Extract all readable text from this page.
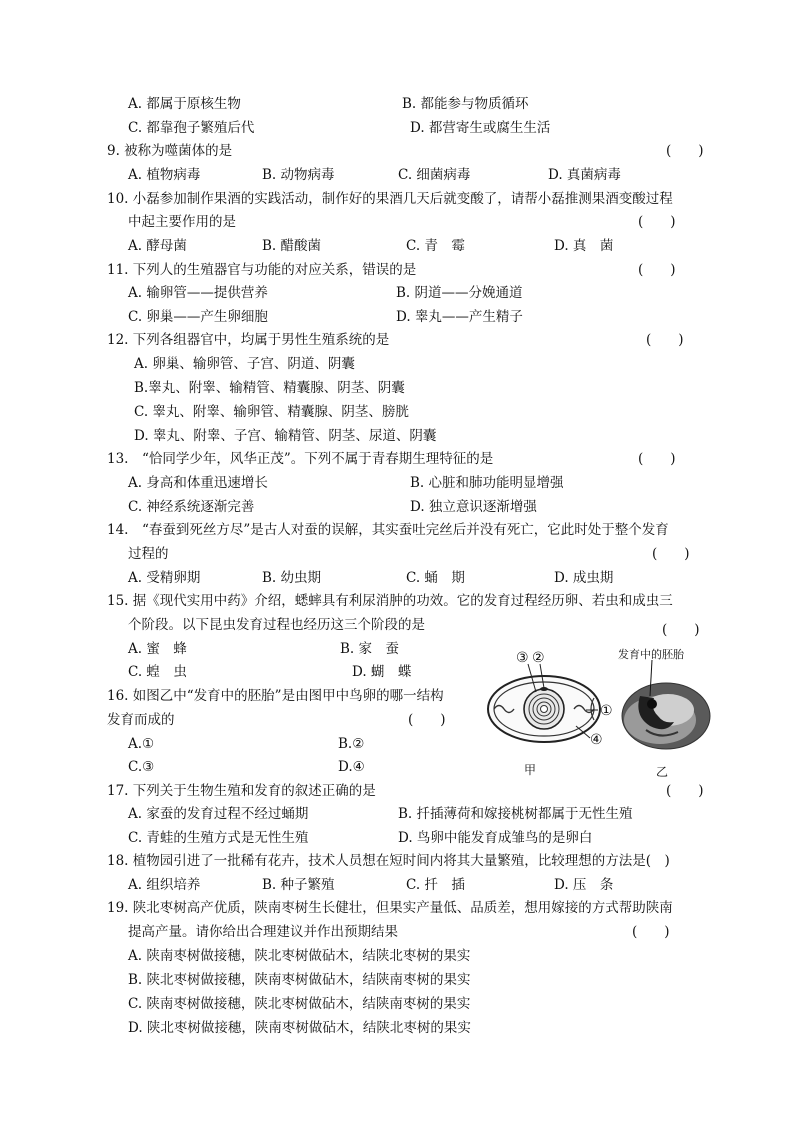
A. 都属于原核生物	B. 都能参与物质循环
C. 都靠孢子繁殖后代	D. 都营寄生或腐生生活
9. 被称为噬菌体的是	(　　)
A. 植物病毒	B. 动物病毒	C. 细菌病毒	D. 真菌病毒
10. 小磊参加制作果酒的实践活动，制作好的果酒几天后就变酸了，请帮小磊推测果酒变酸过程
中起主要作用的是	(　　)
A. 酵母菌	B. 醋酸菌	C. 青　霉	D. 真　菌
11. 下列人的生殖器官与功能的对应关系，错误的是	(　　)
A. 输卵管——提供营养	B. 阴道——分娩通道
C. 卵巢——产生卵细胞	D. 睾丸——产生精子
12. 下列各组器官中，均属于男性生殖系统的是	(　　)
A. 卵巢、输卵管、子宫、阴道、阴囊
B.睾丸、附睾、输精管、精囊腺、阴茎、阴囊
C. 睾丸、附睾、输卵管、精囊腺、阴茎、膀胱
D. 睾丸、附睾、子宫、输精管、阴茎、尿道、阴囊
13.　“恰同学少年，风华正茂”。下列不属于青春期生理特征的是	(　　)
A. 身高和体重迅速增长	B. 心脏和肺功能明显增强
C. 神经系统逐渐完善	D. 独立意识逐渐增强
14.　“春蚕到死丝方尽”是古人对蚕的误解，其实蚕吐完丝后并没有死亡，它此时处于整个发育
过程的	(　　)
A. 受精卵期	B. 幼虫期	C. 蛹　期	D. 成虫期
15. 据《现代实用中药》介绍，蟋蟀具有利尿消肿的功效。它的发育过程经历卵、若虫和成虫三
个阶段。以下昆虫发育过程也经历这三个阶段的是	(　　)
A. 蜜　蜂	B. 家　蚕
C. 蝗　虫	D. 蝴　蝶
16. 如图乙中“发育中的胚胎”是由图甲中鸟卵的哪一结构
发育而成的	(　　)
A.①	B.②
C.③	D.④
③ ②
①
④
甲
发育中的胚胎
乙
17. 下列关于生物生殖和发育的叙述正确的是	(　　)
A. 家蚕的发育过程不经过蛹期	B. 扦插薄荷和嫁接桃树都属于无性生殖
C. 青蛙的生殖方式是无性生殖	D. 鸟卵中能发育成雏鸟的是卵白
18. 植物园引进了一批稀有花卉，技术人员想在短时间内将其大量繁殖，比较理想的方法是(　)
A. 组织培养	B. 种子繁殖	C. 扦　插	D. 压　条
19. 陕北枣树高产优质，陕南枣树生长健壮，但果实产量低、品质差，想用嫁接的方式帮助陕南
提高产量。请你给出合理建议并作出预期结果	(　　)
A. 陕南枣树做接穗，陕北枣树做砧木，结陕北枣树的果实
B. 陕北枣树做接穗，陕南枣树做砧木，结陕南枣树的果实
C. 陕南枣树做接穗，陕北枣树做砧木，结陕南枣树的果实
D. 陕北枣树做接穗，陕南枣树做砧木，结陕北枣树的果实
